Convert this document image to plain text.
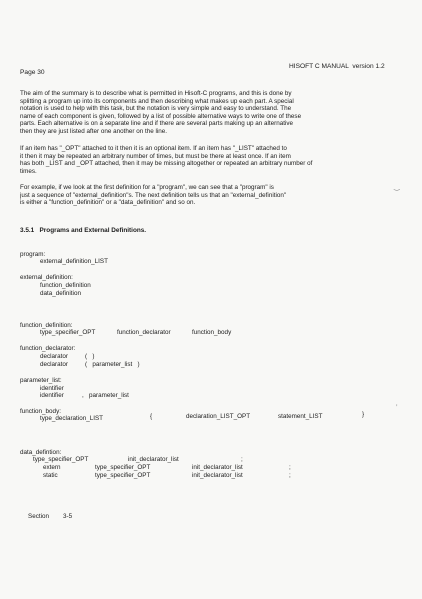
Page 30
HISOFT C MANUAL  version 1.2
The aim of the summary is to describe what is permitted in Hisoft-C programs, and this is done by
splitting a program up into its components and then describing what makes up each part. A special
notation is used to help with this task, but the notation is very simple and easy to understand. The
name of each component is given, followed by a list of possible alternative ways to write one of these
parts. Each alternative is on a separate line and if there are several parts making up an alternative
then they are just listed after one another on the line.
If an item has "_OPT" attached to it then it is an optional item. If an item has "_LIST" attached to
it then it may be repeated an arbitrary number of times, but must be there at least once. If an item
has both _LIST and _OPT attached, then it may be missing altogether or repeated an arbitrary number of
times.
For example, if we look at the first definition for a "program", we can see that a "program" is
just a sequence of "external_definition"s. The next definition tells us that an "external_definition"
is either a "function_definition" or a "data_definition" and so on.
‿
ʼ
3.5.1   Programs and External Definitions.
program:
external_definition_LIST
external_definition:
function_definition
data_definition
function_definition:
type_specifier_OPT	function_declarator	function_body
function_declarator:
declarator	(   )
declarator	(   parameter_list   )
parameter_list:
identifier
identifier	,   parameter_list
function_body:
type_declaration_LIST	{	declaration_LIST_OPT	statement_LIST	}
data_defintion:
type_specifier_OPT	init_declarator_list	;
extern	type_specifier_OPT	init_declarator_list	;
static	type_specifier_OPT	init_declarator_list	;
Section 3-5
